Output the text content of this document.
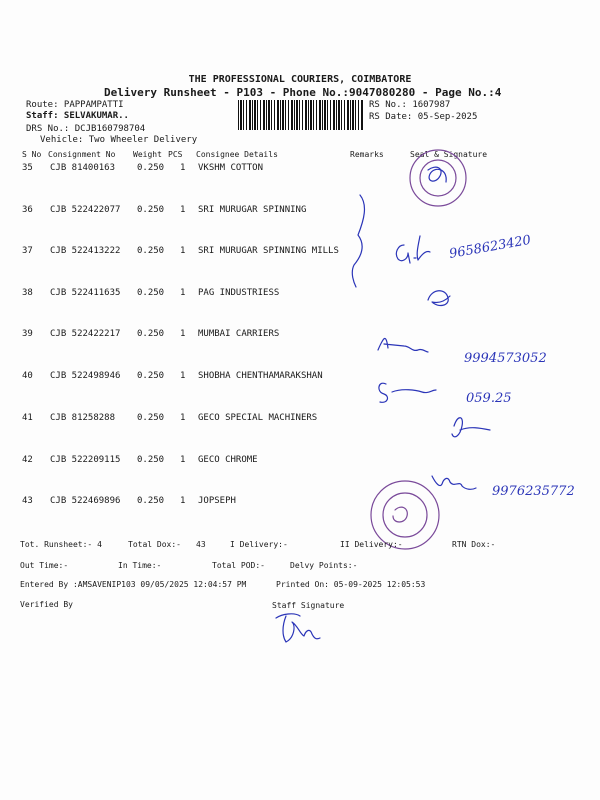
THE PROFESSIONAL COURIERS, COIMBATORE
Delivery Runsheet - P103 - Phone No.:9047080280 - Page No.:4
Route: PAPPAMPATTI
Staff: SELVAKUMAR..
DRS No.: DCJB160798704
Vehicle: Two Wheeler Delivery
RS No.: 1607987
RS Date: 05-Sep-2025
S No Consignment No Weight PCS Consignee Details	Remarks	Seal & Signature
35 CJB 81400163 0.250 1 VKSHM COTTON
36 CJB 522422077 0.250 1 SRI MURUGAR SPINNING
37 CJB 522413222 0.250 1 SRI MURUGAR SPINNING MILLS
38 CJB 522411635 0.250 1 PAG INDUSTRIESS
39 CJB 522422217 0.250 1 MUMBAI CARRIERS
40 CJB 522498946 0.250 1 SHOBHA CHENTHAMARAKSHAN
41 CJB 81258288 0.250 1 GECO SPECIAL MACHINERS
42 CJB 522209115 0.250 1 GECO CHROME
43 CJB 522469896 0.250 1 JOPSEPH
9658623420
9994573052
059.25
9976235772
Tot. Runsheet:- 4	Total Dox:- 43	I Delivery:-	II Delivery:-	RTN Dox:-
Out Time:-	In Time:-	Total POD:-	Delvy Points:-
Entered By :AMSAVENIP103 09/05/2025 12:04:57 PM	Printed On: 05-09-2025 12:05:53
Verified By	Staff Signature
